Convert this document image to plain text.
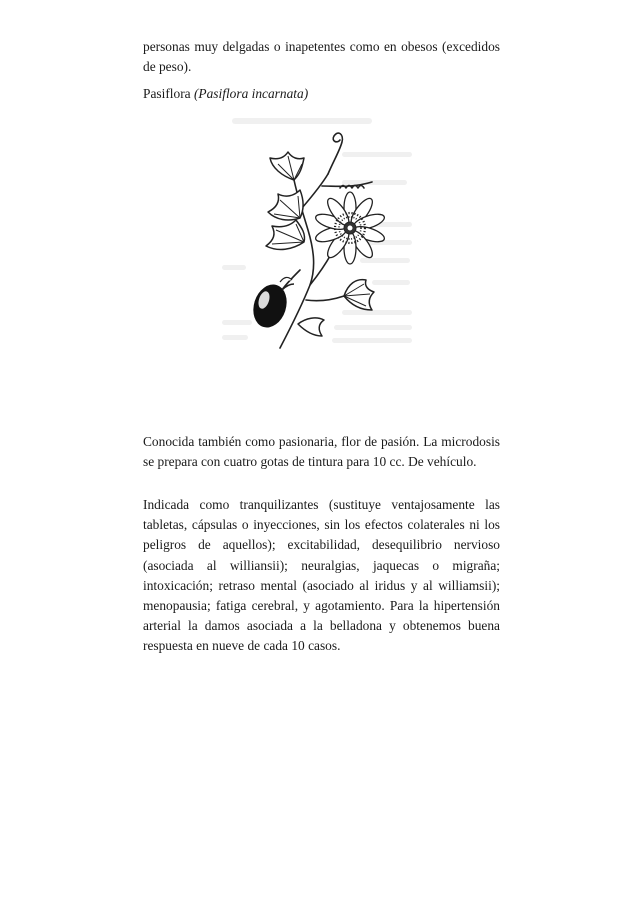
personas muy delgadas o inapetentes como en obesos (excedidos de peso).

Pasiflora (Pasiflora incarnata)

Conocida también como pasionaria, flor de pasión. La microdosis se prepara con cuatro gotas de tintura para 10 cc. De vehículo.

Indicada como tranquilizantes (sustituye ventajosamente las tabletas, cápsulas o inyecciones, sin los efectos colaterales ni los peligros de aquellos); excitabilidad, desequilibrio nervioso (asociada al williansii); neuralgias, jaquecas o migraña; intoxicación; retraso mental (asociado al iridus y al williamsii); menopausia; fatiga cerebral, y agotamiento. Para la hipertensión arterial la damos asociada a la belladona y obtenemos buena respuesta en nueve de cada 10 casos.
